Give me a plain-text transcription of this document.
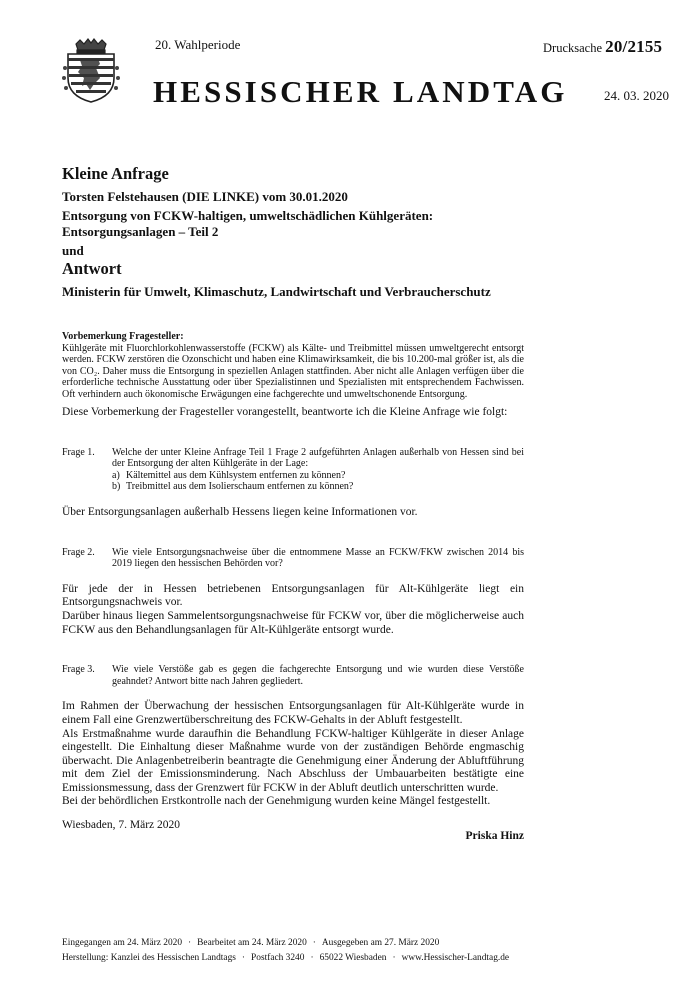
20. Wahlperiode	Drucksache 20/2155
HESSISCHER LANDTAG	24. 03. 2020
Kleine Anfrage
Torsten Felstehausen (DIE LINKE) vom 30.01.2020
Entsorgung von FCKW-haltigen, umweltschädlichen Kühlgeräten:
Entsorgungsanlagen – Teil 2
und
Antwort
Ministerin für Umwelt, Klimaschutz, Landwirtschaft und Verbraucherschutz
Vorbemerkung Fragesteller:
Kühlgeräte mit Fluorchlorkohlenwasserstoffe (FCKW) als Kälte- und Treibmittel müssen umweltgerecht entsorgt werden. FCKW zerstören die Ozonschicht und haben eine Klimawirksamkeit, die bis 10.200-mal größer ist, als die von CO₂. Daher muss die Entsorgung in speziellen Anlagen stattfinden. Aber nicht alle Anlagen verfügen über die erforderliche technische Ausstattung oder über Spezialistinnen und Spezialisten mit entsprechendem Fachwissen. Oft verhindern auch ökonomische Erwägungen eine fachgerechte und umweltschonende Entsorgung.

Diese Vorbemerkung der Fragesteller vorangestellt, beantworte ich die Kleine Anfrage wie folgt:

Frage 1.	Welche der unter Kleine Anfrage Teil 1 Frage 2 aufgeführten Anlagen außerhalb von Hessen sind bei der Entsorgung der alten Kühlgeräte in der Lage:
a) Kältemittel aus dem Kühlsystem entfernen zu können?
b) Treibmittel aus dem Isolierschaum entfernen zu können?

Über Entsorgungsanlagen außerhalb Hessens liegen keine Informationen vor.

Frage 2.	Wie viele Entsorgungsnachweise über die entnommene Masse an FCKW/FKW zwischen 2014 bis 2019 liegen den hessischen Behörden vor?

Für jede der in Hessen betriebenen Entsorgungsanlagen für Alt-Kühlgeräte liegt ein Entsorgungsnachweis vor.

Darüber hinaus liegen Sammelentsorgungsnachweise für FCKW vor, über die möglicherweise auch FCKW aus den Behandlungsanlagen für Alt-Kühlgeräte entsorgt wurde.

Frage 3.	Wie viele Verstöße gab es gegen die fachgerechte Entsorgung und wie wurden diese Verstöße geahndet? Antwort bitte nach Jahren gegliedert.

Im Rahmen der Überwachung der hessischen Entsorgungsanlagen für Alt-Kühlgeräte wurde in einem Fall eine Grenzwertüberschreitung des FCKW-Gehalts in der Abluft festgestellt.

Als Erstmaßnahme wurde daraufhin die Behandlung FCKW-haltiger Kühlgeräte in dieser Anlage eingestellt. Die Einhaltung dieser Maßnahme wurde von der zuständigen Behörde engmaschig überwacht. Die Anlagenbetreiberin beantragte die Genehmigung einer Änderung der Abluftführung mit dem Ziel der Emissionsminderung. Nach Abschluss der Umbauarbeiten bestätigte eine Emissionsmessung, dass der Grenzwert für FCKW in der Abluft deutlich unterschritten wurde.

Bei der behördlichen Erstkontrolle nach der Genehmigung wurden keine Mängel festgestellt.

Wiesbaden, 7. März 2020
Priska Hinz
Eingegangen am 24. März 2020 · Bearbeitet am 24. März 2020 · Ausgegeben am 27. März 2020
Herstellung: Kanzlei des Hessischen Landtags · Postfach 3240 · 65022 Wiesbaden · www.Hessischer-Landtag.de
